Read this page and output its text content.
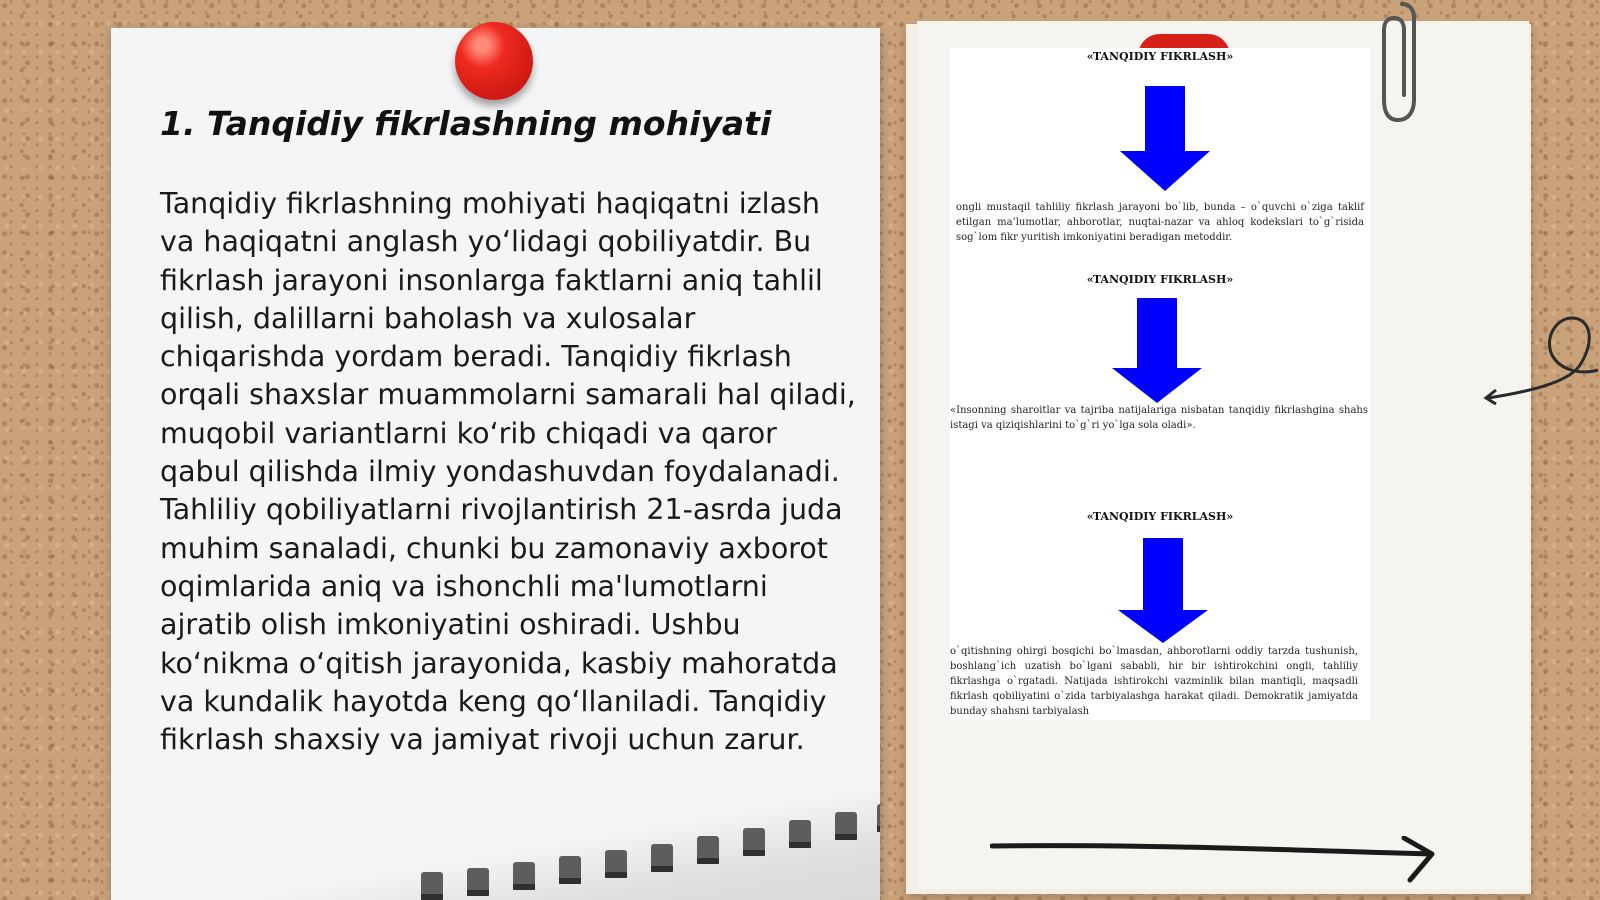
1. Tanqidiy fikrlashning mohiyati

Tanqidiy fikrlashning mohiyati haqiqatni izlash va haqiqatni anglash yo‘lidagi qobiliyatdir. Bu fikrlash jarayoni insonlarga faktlarni aniq tahlil qilish, dalillarni baholash va xulosalar chiqarishda yordam beradi. Tanqidiy fikrlash orqali shaxslar muammolarni samarali hal qiladi, muqobil variantlarni ko‘rib chiqadi va qaror qabul qilishda ilmiy yondashuvdan foydalanadi. Tahliliy qobiliyatlarni rivojlantirish 21-asrda juda muhim sanaladi, chunki bu zamonaviy axborot oqimlarida aniq va ishonchli ma'lumotlarni ajratib olish imkoniyatini oshiradi. Ushbu ko‘nikma o‘qitish jarayonida, kasbiy mahoratda va kundalik hayotda keng qo‘llaniladi. Tanqidiy fikrlash shaxsiy va jamiyat rivoji uchun zarur.

«TANQIDIY FIKRLASH»
ongli mustaqil tahliliy fikrlash jarayoni bo`lib, bunda – o`quvchi o`ziga taklif etilgan ma’lumotlar, ahborotlar, nuqtai-nazar va ahloq kodekslari to`g`risida sog`lom fikr yuritish imkoniyatini beradigan metoddir.
«TANQIDIY FIKRLASH»
«Insonning sharoitlar va tajriba natijalariga nisbatan tanqidiy fikrlashgina shahs istagi va qiziqishlarini to`g`ri yo`lga sola oladi».
«TANQIDIY FIKRLASH»
o`qitishning ohirgi bosqichi bo`lmasdan, ahborotlarni oddiy tarzda tushunish, boshlang`ich uzatish bo`lgani sababli, hir bir ishtirokchini ongli, tahliliy fikrlashga o`rgatadi. Natijada ishtirokchi vazminlik bilan mantiqli, maqsadli fikrlash qobiliyatini o`zida tarbiyalashga harakat qiladi. Demokratik jamiyatda bunday shahsni tarbiyalash
